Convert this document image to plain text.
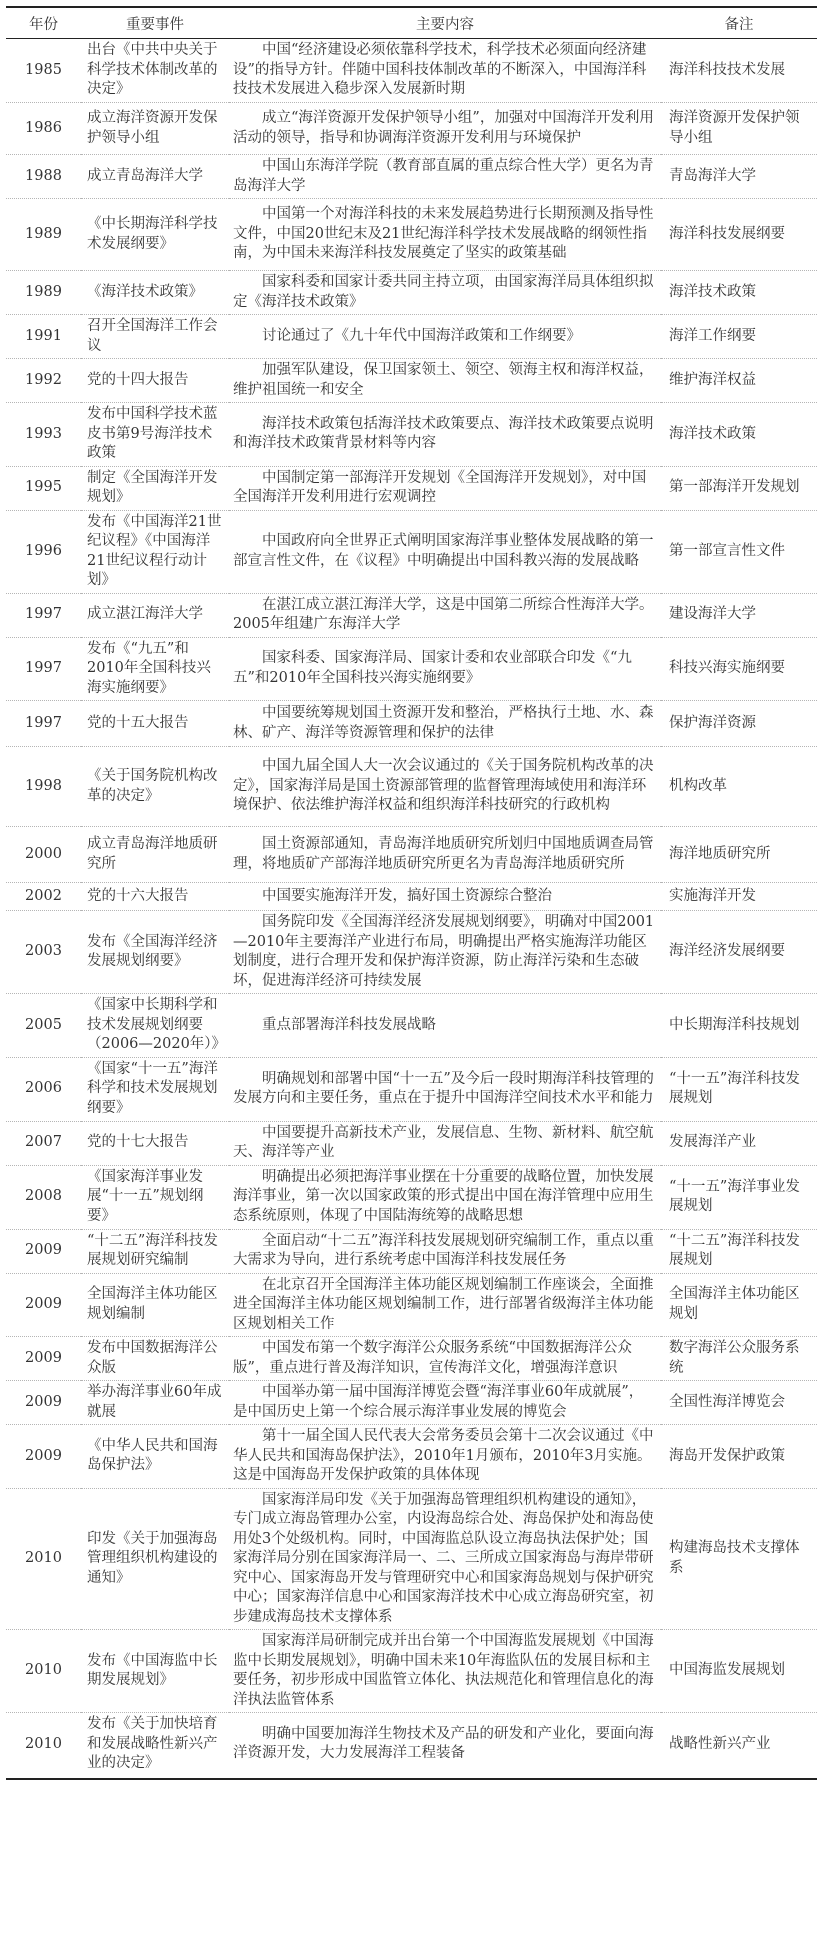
年份	重要事件	主要内容	备注
1985	出台《中共中央关于科学技术体制改革的决定》	中国“经济建设必须依靠科学技术，科学技术必须面向经济建设”的指导方针。伴随中国科技体制改革的不断深入，中国海洋科技技术发展进入稳步深入发展新时期	海洋科技技术发展
1986	成立海洋资源开发保护领导小组	成立“海洋资源开发保护领导小组”，加强对中国海洋开发利用活动的领导，指导和协调海洋资源开发利用与环境保护	海洋资源开发保护领导小组
1988	成立青岛海洋大学	中国山东海洋学院（教育部直属的重点综合性大学）更名为青岛海洋大学	青岛海洋大学
1989	《中长期海洋科学技术发展纲要》	中国第一个对海洋科技的未来发展趋势进行长期预测及指导性文件，中国20世纪末及21世纪海洋科学技术发展战略的纲领性指南，为中国未来海洋科技发展奠定了坚实的政策基础	海洋科技发展纲要
1989	《海洋技术政策》	国家科委和国家计委共同主持立项，由国家海洋局具体组织拟定《海洋技术政策》	海洋技术政策
1991	召开全国海洋工作会议	讨论通过了《九十年代中国海洋政策和工作纲要》	海洋工作纲要
1992	党的十四大报告	加强军队建设，保卫国家领土、领空、领海主权和海洋权益，维护祖国统一和安全	维护海洋权益
1993	发布中国科学技术蓝皮书第9号海洋技术政策	海洋技术政策包括海洋技术政策要点、海洋技术政策要点说明和海洋技术政策背景材料等内容	海洋技术政策
1995	制定《全国海洋开发规划》	中国制定第一部海洋开发规划《全国海洋开发规划》，对中国全国海洋开发利用进行宏观调控	第一部海洋开发规划
1996	发布《中国海洋21世纪议程》《中国海洋21世纪议程行动计划》	中国政府向全世界正式阐明国家海洋事业整体发展战略的第一部宣言性文件，在《议程》中明确提出中国科教兴海的发展战略	第一部宣言性文件
1997	成立湛江海洋大学	在湛江成立湛江海洋大学，这是中国第二所综合性海洋大学。2005年组建广东海洋大学	建设海洋大学
1997	发布《“九五”和2010年全国科技兴海实施纲要》	国家科委、国家海洋局、国家计委和农业部联合印发《“九五”和2010年全国科技兴海实施纲要》	科技兴海实施纲要
1997	党的十五大报告	中国要统筹规划国土资源开发和整治，严格执行土地、水、森林、矿产、海洋等资源管理和保护的法律	保护海洋资源
1998	《关于国务院机构改革的决定》	中国九届全国人大一次会议通过的《关于国务院机构改革的决定》，国家海洋局是国土资源部管理的监督管理海域使用和海洋环境保护、依法维护海洋权益和组织海洋科技研究的行政机构	机构改革
2000	成立青岛海洋地质研究所	国土资源部通知，青岛海洋地质研究所划归中国地质调查局管理，将地质矿产部海洋地质研究所更名为青岛海洋地质研究所	海洋地质研究所
2002	党的十六大报告	中国要实施海洋开发，搞好国土资源综合整治	实施海洋开发
2003	发布《全国海洋经济发展规划纲要》	国务院印发《全国海洋经济发展规划纲要》，明确对中国2001—2010年主要海洋产业进行布局，明确提出严格实施海洋功能区划制度，进行合理开发和保护海洋资源，防止海洋污染和生态破坏，促进海洋经济可持续发展	海洋经济发展纲要
2005	《国家中长期科学和技术发展规划纲要（2006—2020年）》	重点部署海洋科技发展战略	中长期海洋科技规划
2006	《国家“十一五”海洋科学和技术发展规划纲要》	明确规划和部署中国“十一五”及今后一段时期海洋科技管理的发展方向和主要任务，重点在于提升中国海洋空间技术水平和能力	“十一五”海洋科技发展规划
2007	党的十七大报告	中国要提升高新技术产业，发展信息、生物、新材料、航空航天、海洋等产业	发展海洋产业
2008	《国家海洋事业发展“十一五”规划纲要》	明确提出必须把海洋事业摆在十分重要的战略位置，加快发展海洋事业，第一次以国家政策的形式提出中国在海洋管理中应用生态系统原则，体现了中国陆海统筹的战略思想	“十一五”海洋事业发展规划
2009	“十二五”海洋科技发展规划研究编制	全面启动“十二五”海洋科技发展规划研究编制工作，重点以重大需求为导向，进行系统考虑中国海洋科技发展任务	“十二五”海洋科技发展规划
2009	全国海洋主体功能区规划编制	在北京召开全国海洋主体功能区规划编制工作座谈会，全面推进全国海洋主体功能区规划编制工作，进行部署省级海洋主体功能区规划相关工作	全国海洋主体功能区规划
2009	发布中国数据海洋公众版	中国发布第一个数字海洋公众服务系统“中国数据海洋公众版”，重点进行普及海洋知识，宣传海洋文化，增强海洋意识	数字海洋公众服务系统
2009	举办海洋事业60年成就展	中国举办第一届中国海洋博览会暨“海洋事业60年成就展”，是中国历史上第一个综合展示海洋事业发展的博览会	全国性海洋博览会
2009	《中华人民共和国海岛保护法》	第十一届全国人民代表大会常务委员会第十二次会议通过《中华人民共和国海岛保护法》，2010年1月颁布，2010年3月实施。这是中国海岛开发保护政策的具体体现	海岛开发保护政策
2010	印发《关于加强海岛管理组织机构建设的通知》	国家海洋局印发《关于加强海岛管理组织机构建设的通知》，专门成立海岛管理办公室，内设海岛综合处、海岛保护处和海岛使用处3个处级机构。同时，中国海监总队设立海岛执法保护处；国家海洋局分别在国家海洋局一、二、三所成立国家海岛与海岸带研究中心、国家海岛开发与管理研究中心和国家海岛规划与保护研究中心；国家海洋信息中心和国家海洋技术中心成立海岛研究室，初步建成海岛技术支撑体系	构建海岛技术支撑体系
2010	发布《中国海监中长期发展规划》	国家海洋局研制完成并出台第一个中国海监发展规划《中国海监中长期发展规划》，明确中国未来10年海监队伍的发展目标和主要任务，初步形成中国监管立体化、执法规范化和管理信息化的海洋执法监管体系	中国海监发展规划
2010	发布《关于加快培育和发展战略性新兴产业的决定》	明确中国要加海洋生物技术及产品的研发和产业化，要面向海洋资源开发，大力发展海洋工程装备	战略性新兴产业
